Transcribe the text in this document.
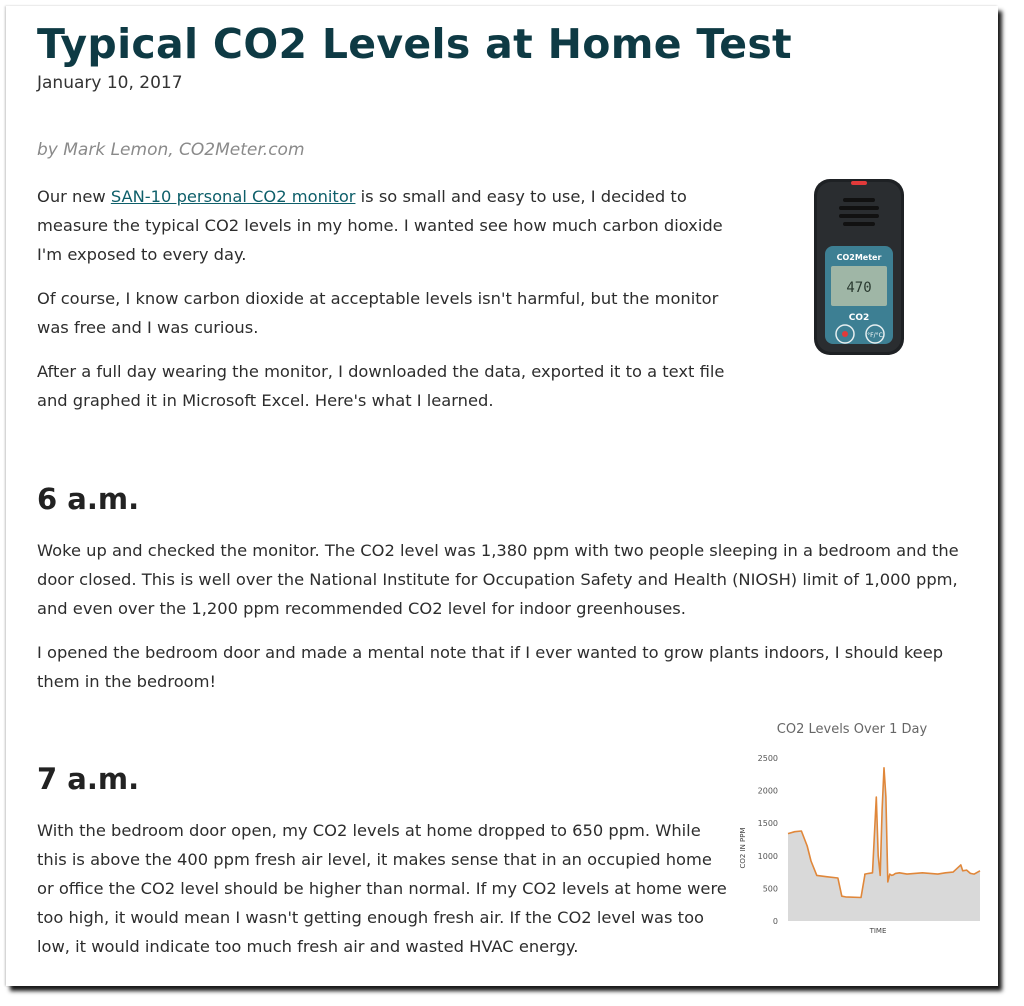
Typical CO2 Levels at Home Test
January 10, 2017
by Mark Lemon, CO2Meter.com

Our new SAN-10 personal CO2 monitor is so small and easy to use, I decided to measure the typical CO2 levels in my home. I wanted see how much carbon dioxide I'm exposed to every day.

Of course, I know carbon dioxide at acceptable levels isn't harmful, but the monitor was free and I was curious.

After a full day wearing the monitor, I downloaded the data, exported it to a text file and graphed it in Microsoft Excel. Here's what I learned.

CO2Meter
470
CO2
°F/°C
6 a.m.

Woke up and checked the monitor. The CO2 level was 1,380 ppm with two people sleeping in a bedroom and the door closed. This is well over the National Institute for Occupation Safety and Health (NIOSH) limit of 1,000 ppm, and even over the 1,200 ppm recommended CO2 level for indoor greenhouses.

I opened the bedroom door and made a mental note that if I ever wanted to grow plants indoors, I should keep them in the bedroom!

7 a.m.

With the bedroom door open, my CO2 levels at home dropped to 650 ppm. While this is above the 400 ppm fresh air level, it makes sense that in an occupied home or office the CO2 level should be higher than normal. If my CO2 levels at home were too high, it would mean I wasn't getting enough fresh air. If the CO2 level was too low, it would indicate too much fresh air and wasted HVAC energy.

CO2 Levels Over 1 Day
CO2 IN PPM
TIME
0
500
1000
1500
2000
2500
